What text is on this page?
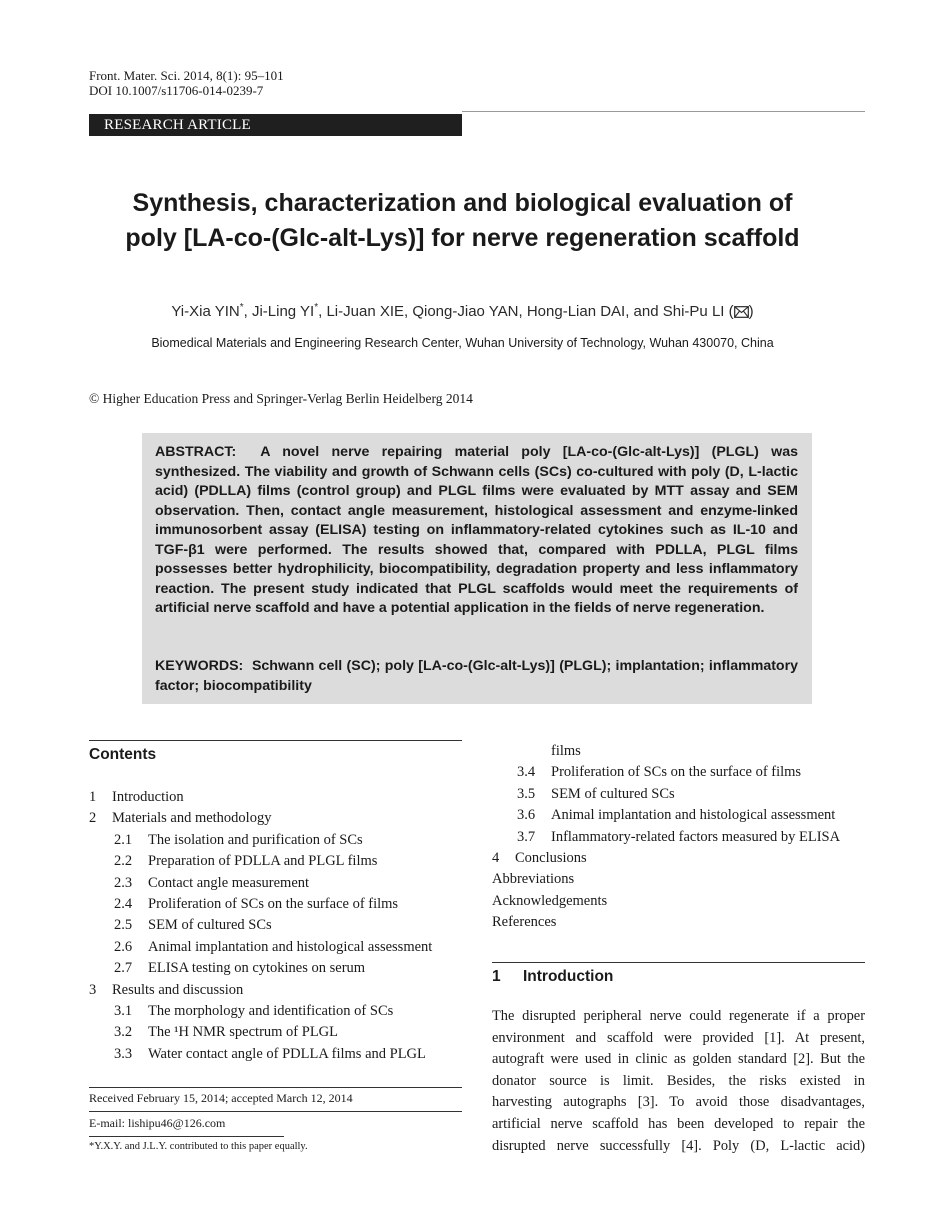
Front. Mater. Sci. 2014, 8(1): 95–101
DOI 10.1007/s11706-014-0239-7
RESEARCH ARTICLE
Synthesis, characterization and biological evaluation of
poly [LA-co-(Glc-alt-Lys)] for nerve regeneration scaffold
Yi-Xia YIN*, Ji-Ling YI*, Li-Juan XIE, Qiong-Jiao YAN, Hong-Lian DAI, and Shi-Pu LI ( )
Biomedical Materials and Engineering Research Center, Wuhan University of Technology, Wuhan 430070, China
© Higher Education Press and Springer-Verlag Berlin Heidelberg 2014
ABSTRACT: A novel nerve repairing material poly [LA-co-(Glc-alt-Lys)] (PLGL) was synthesized. The viability and growth of Schwann cells (SCs) co-cultured with poly (D, L-lactic acid) (PDLLA) films (control group) and PLGL films were evaluated by MTT assay and SEM observation. Then, contact angle measurement, histological assessment and enzyme-linked immunosorbent assay (ELISA) testing on inflammatory-related cytokines such as IL-10 and TGF-β1 were performed. The results showed that, compared with PDLLA, PLGL films possesses better hydrophilicity, biocompatibility, degradation property and less inflammatory reaction. The present study indicated that PLGL scaffolds would meet the requirements of artificial nerve scaffold and have a potential application in the fields of nerve regeneration.
KEYWORDS: Schwann cell (SC); poly [LA-co-(Glc-alt-Lys)] (PLGL); implantation; inflammatory factor; biocompatibility
Contents
1 Introduction
2 Materials and methodology
2.1 The isolation and purification of SCs
2.2 Preparation of PDLLA and PLGL films
2.3 Contact angle measurement
2.4 Proliferation of SCs on the surface of films
2.5 SEM of cultured SCs
2.6 Animal implantation and histological assessment
2.7 ELISA testing on cytokines on serum
3 Results and discussion
3.1 The morphology and identification of SCs
3.2 The ¹H NMR spectrum of PLGL
3.3 Water contact angle of PDLLA films and PLGL
films
3.4 Proliferation of SCs on the surface of films
3.5 SEM of cultured SCs
3.6 Animal implantation and histological assessment
3.7 Inflammatory-related factors measured by ELISA
4 Conclusions
Abbreviations
Acknowledgements
References
Received February 15, 2014; accepted March 12, 2014
E-mail: lishipu46@126.com
*Y.X.Y. and J.L.Y. contributed to this paper equally.
1 Introduction
The disrupted peripheral nerve could regenerate if a proper
environment and scaffold were provided [1]. At present,
autograft were used in clinic as golden standard [2]. But the
donator source is limit. Besides, the risks existed in
harvesting autographs [3]. To avoid those disadvantages,
artificial nerve scaffold has been developed to repair the
disrupted nerve successfully [4]. Poly (D, L-lactic acid)
